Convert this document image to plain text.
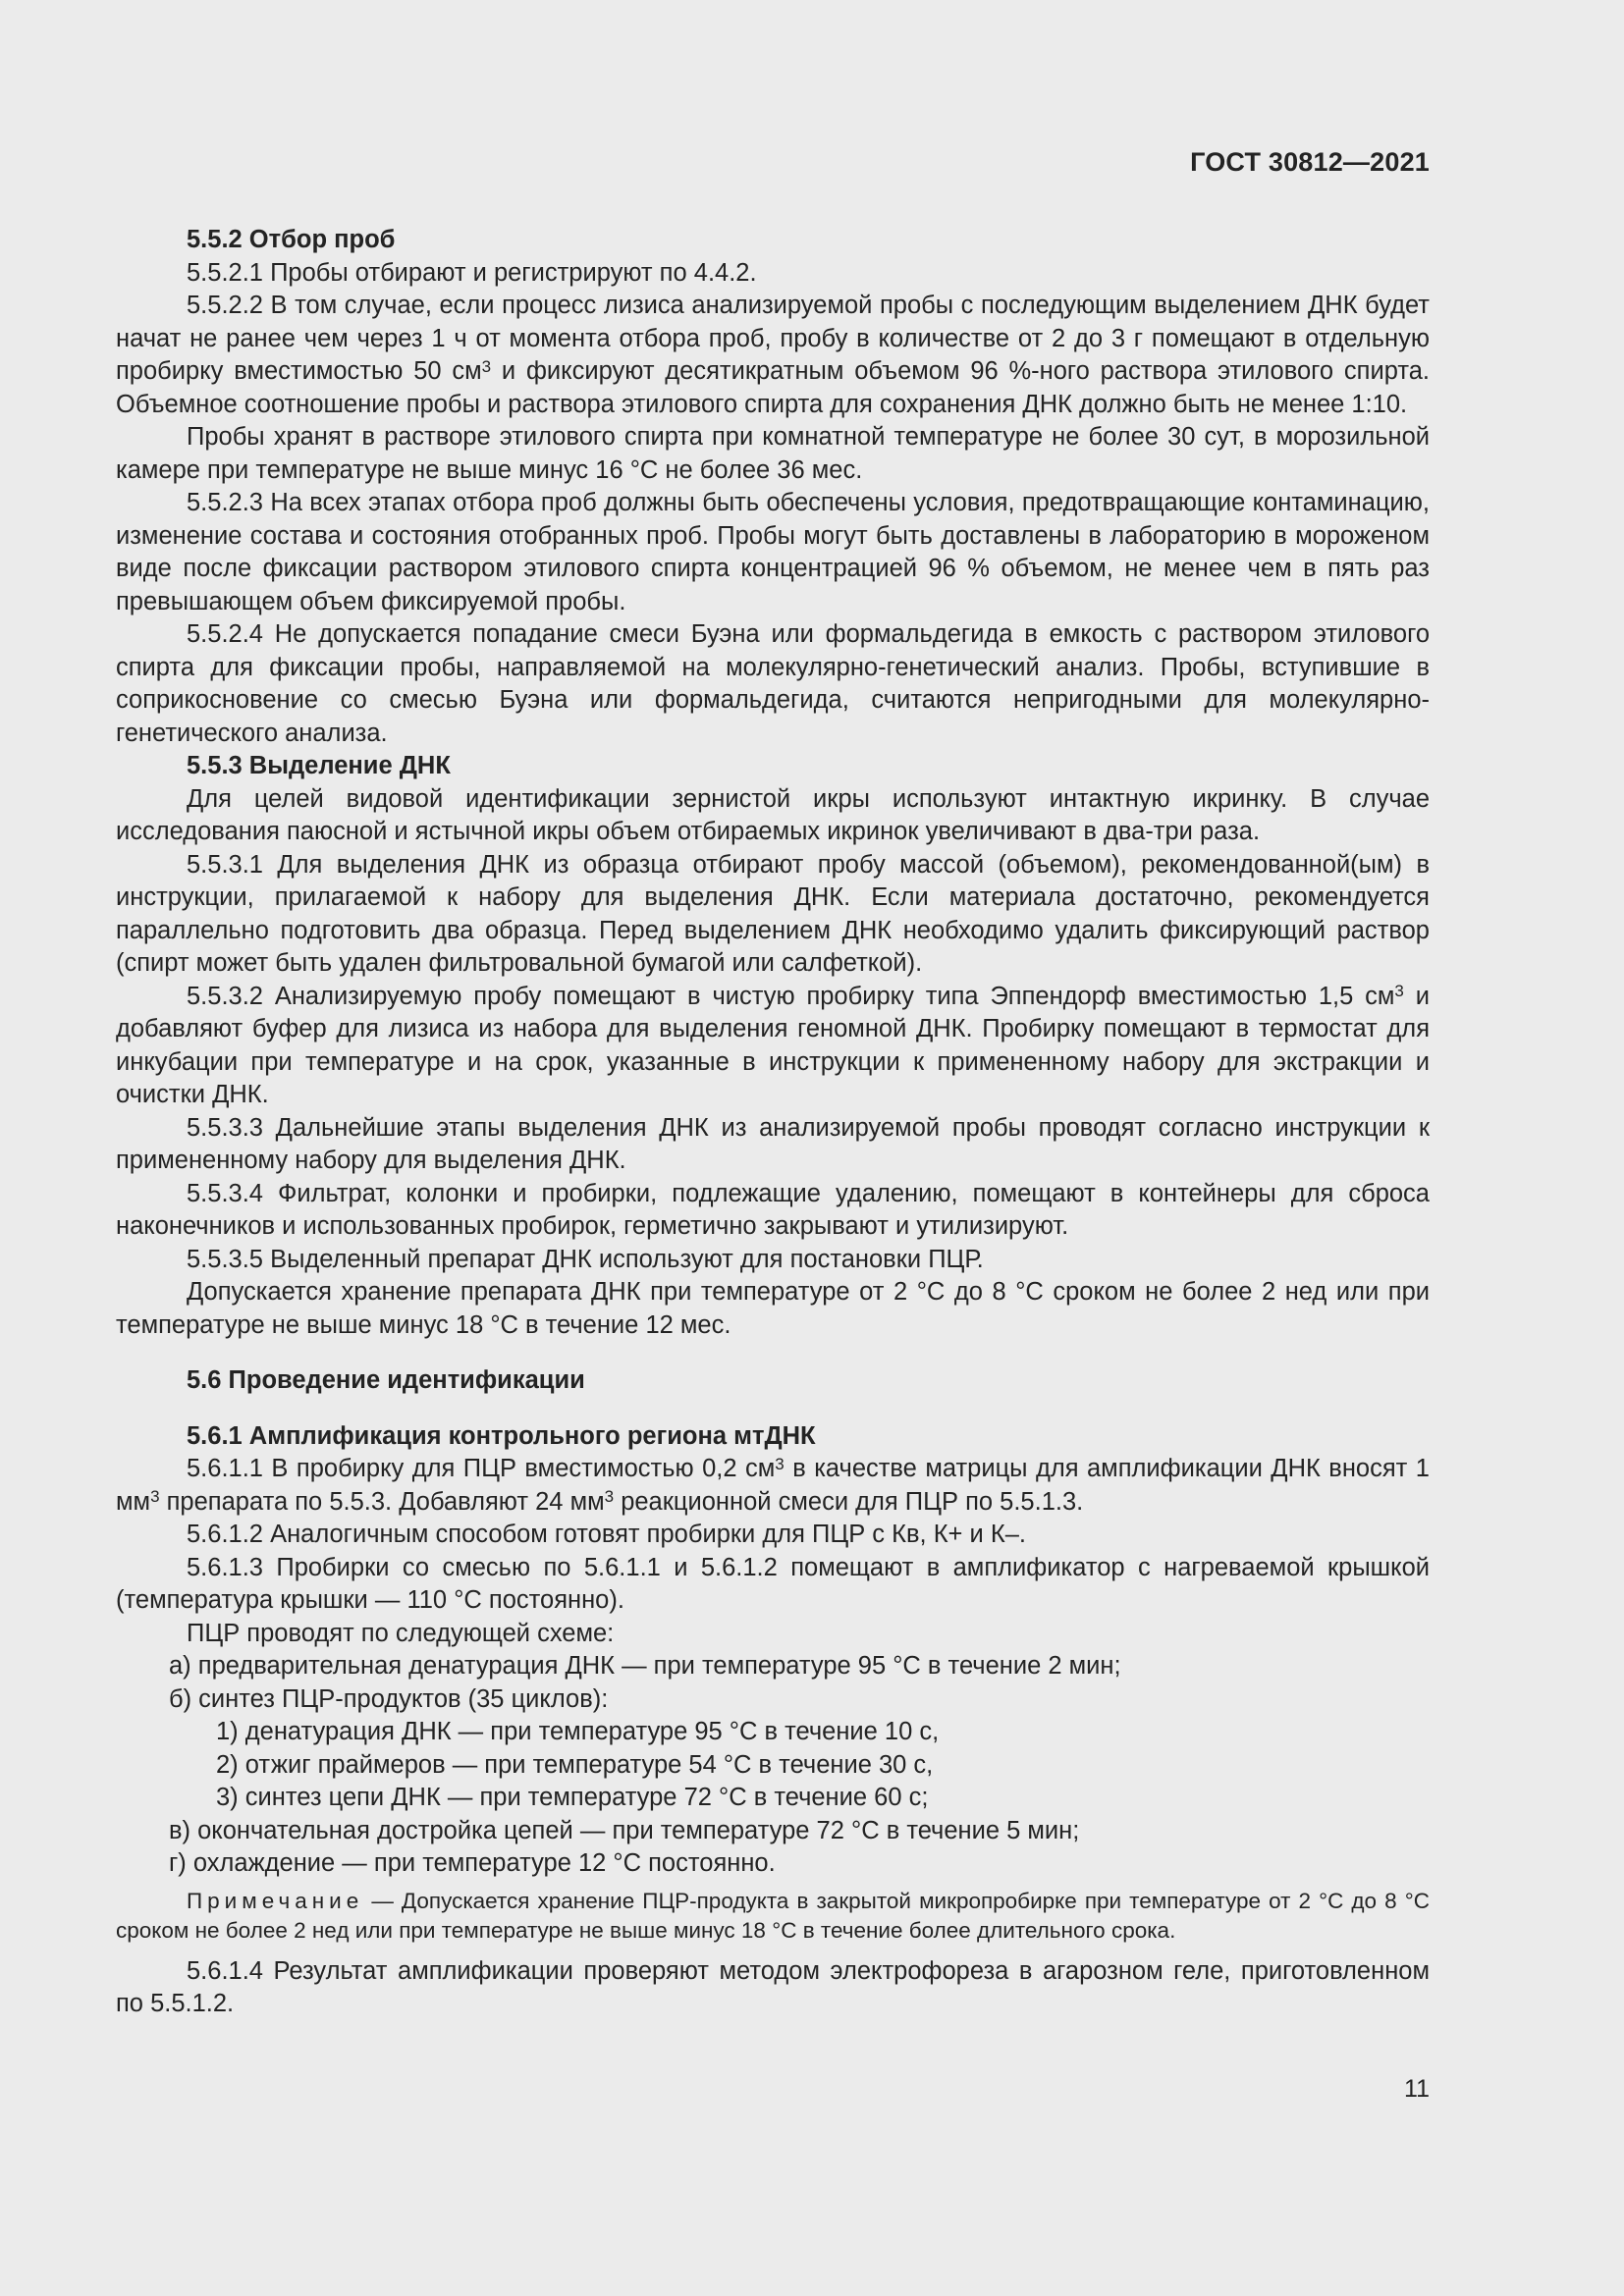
ГОСТ 30812—2021

5.5.2 Отбор проб

5.5.2.1 Пробы отбирают и регистрируют по 4.4.2.

5.5.2.2 В том случае, если процесс лизиса анализируемой пробы с последующим выделением ДНК будет начат не ранее чем через 1 ч от момента отбора проб, пробу в количестве от 2 до 3 г помещают в отдельную пробирку вместимостью 50 $см^3$ и фиксируют десятикратным объемом 96 %-ного раствора этилового спирта. Объемное соотношение пробы и раствора этилового спирта для сохранения ДНК должно быть не менее 1:10.

Пробы хранят в растворе этилового спирта при комнатной температуре не более 30 сут, в морозильной камере при температуре не выше минус 16 °С не более 36 мес.

5.5.2.3 На всех этапах отбора проб должны быть обеспечены условия, предотвращающие контаминацию, изменение состава и состояния отобранных проб. Пробы могут быть доставлены в лабораторию в мороженом виде после фиксации раствором этилового спирта концентрацией 96 % объемом, не менее чем в пять раз превышающем объем фиксируемой пробы.

5.5.2.4 Не допускается попадание смеси Буэна или формальдегида в емкость с раствором этилового спирта для фиксации пробы, направляемой на молекулярно-генетический анализ. Пробы, вступившие в соприкосновение со смесью Буэна или формальдегида, считаются непригодными для молекулярно-генетического анализа.

5.5.3 Выделение ДНК

Для целей видовой идентификации зернистой икры используют интактную икринку. В случае исследования паюсной и ястычной икры объем отбираемых икринок увеличивают в два-три раза.

5.5.3.1 Для выделения ДНК из образца отбирают пробу массой (объемом), рекомендованной(ым) в инструкции, прилагаемой к набору для выделения ДНК. Если материала достаточно, рекомендуется параллельно подготовить два образца. Перед выделением ДНК необходимо удалить фиксирующий раствор (спирт может быть удален фильтровальной бумагой или салфеткой).

5.5.3.2 Анализируемую пробу помещают в чистую пробирку типа Эппендорф вместимостью 1,5 $см^3$ и добавляют буфер для лизиса из набора для выделения геномной ДНК. Пробирку помещают в термостат для инкубации при температуре и на срок, указанные в инструкции к примененному набору для экстракции и очистки ДНК.

5.5.3.3 Дальнейшие этапы выделения ДНК из анализируемой пробы проводят согласно инструкции к примененному набору для выделения ДНК.

5.5.3.4 Фильтрат, колонки и пробирки, подлежащие удалению, помещают в контейнеры для сброса наконечников и использованных пробирок, герметично закрывают и утилизируют.

5.5.3.5 Выделенный препарат ДНК используют для постановки ПЦР.

Допускается хранение препарата ДНК при температуре от 2 °С до 8 °С сроком не более 2 нед или при температуре не выше минус 18 °С в течение 12 мес.

5.6 Проведение идентификации

5.6.1 Амплификация контрольного региона мтДНК

5.6.1.1 В пробирку для ПЦР вместимостью 0,2 $см^3$ в качестве матрицы для амплификации ДНК вносят 1 $мм^3$ препарата по 5.5.3. Добавляют 24 $мм^3$ реакционной смеси для ПЦР по 5.5.1.3.

5.6.1.2 Аналогичным способом готовят пробирки для ПЦР с Кв, К+ и К–.

5.6.1.3 Пробирки со смесью по 5.6.1.1 и 5.6.1.2 помещают в амплификатор с нагреваемой крышкой (температура крышки — 110 °С постоянно).

ПЦР проводят по следующей схеме:

а) предварительная денатурация ДНК — при температуре 95 °С в течение 2 мин;

б) синтез ПЦР-продуктов (35 циклов):

1) денатурация ДНК — при температуре 95 °С в течение 10 с,

2) отжиг праймеров — при температуре 54 °С в течение 30 с,

3) синтез цепи ДНК — при температуре 72 °С в течение 60 с;

в) окончательная достройка цепей — при температуре 72 °С в течение 5 мин;

г) охлаждение — при температуре 12 °С постоянно.

Примечание — Допускается хранение ПЦР-продукта в закрытой микропробирке при температуре от 2 °С до 8 °С сроком не более 2 нед или при температуре не выше минус 18 °С в течение более длительного срока.

5.6.1.4 Результат амплификации проверяют методом электрофореза в агарозном геле, приготовленном по 5.5.1.2.

11
